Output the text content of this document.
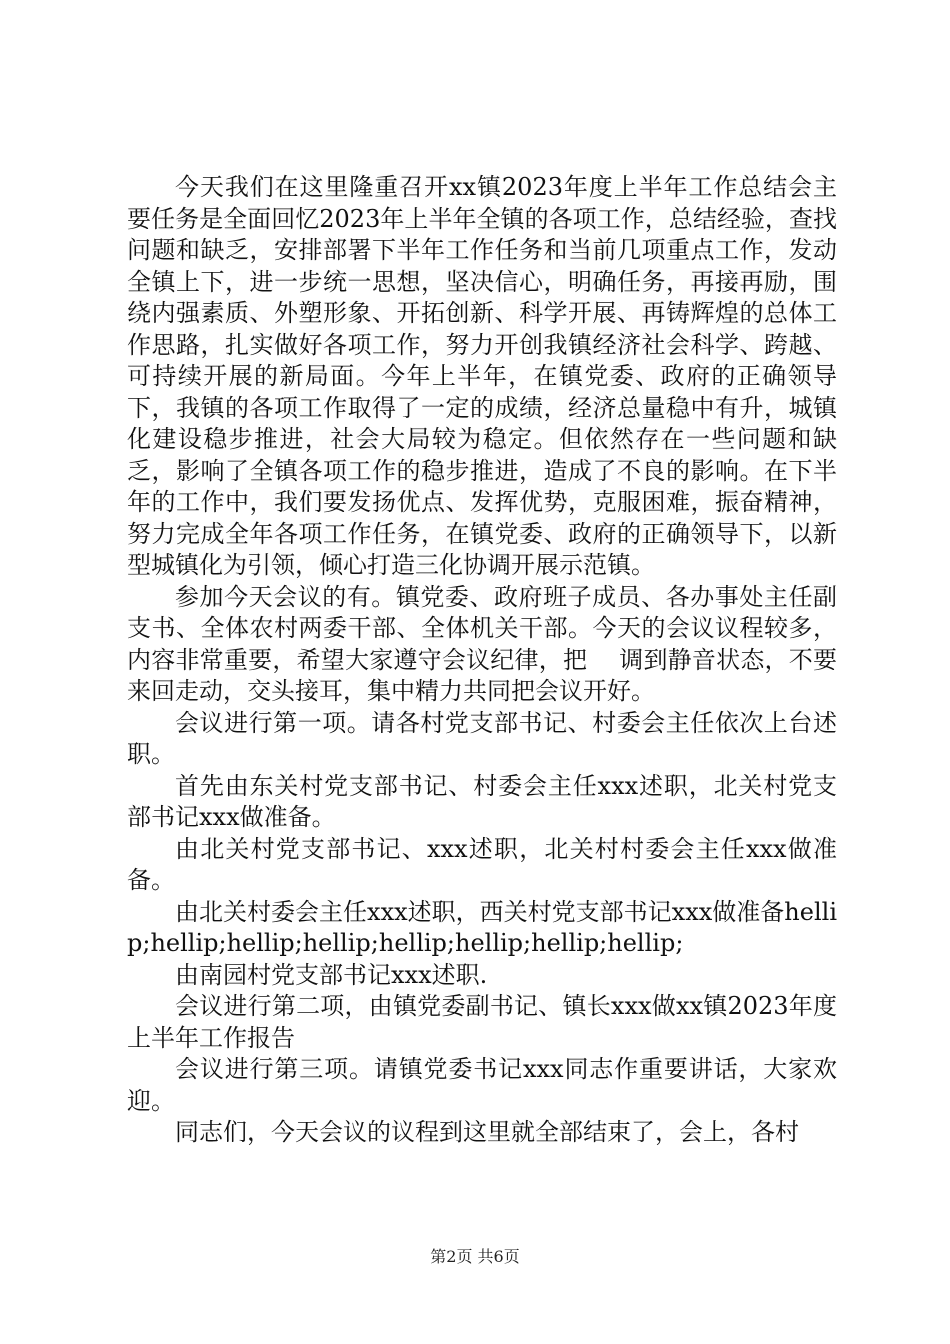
今天我们在这里隆重召开xx镇2023年度上半年工作总结会主要任务是全面回忆2023年上半年全镇的各项工作，总结经验，查找问题和缺乏，安排部署下半年工作任务和当前几项重点工作，发动全镇上下，进一步统一思想，坚决信心，明确任务，再接再励，围绕内强素质、外塑形象、开拓创新、科学开展、再铸辉煌的总体工作思路，扎实做好各项工作，努力开创我镇经济社会科学、跨越、可持续开展的新局面。今年上半年，在镇党委、政府的正确领导下，我镇的各项工作取得了一定的成绩，经济总量稳中有升，城镇化建设稳步推进，社会大局较为稳定。但依然存在一些问题和缺乏，影响了全镇各项工作的稳步推进，造成了不良的影响。在下半年的工作中，我们要发扬优点、发挥优势，克服困难，振奋精神，努力完成全年各项工作任务，在镇党委、政府的正确领导下，以新型城镇化为引领，倾心打造三化协调开展示范镇。

参加今天会议的有。镇党委、政府班子成员、各办事处主任副支书、全体农村两委干部、全体机关干部。今天的会议议程较多，内容非常重要，希望大家遵守会议纪律，把　 调到静音状态，不要来回走动，交头接耳，集中精力共同把会议开好。

会议进行第一项。请各村党支部书记、村委会主任依次上台述职。

首先由东关村党支部书记、村委会主任xxx述职，北关村党支部书记xxx做准备。

由北关村党支部书记、xxx述职，北关村村委会主任xxx做准备。

由北关村委会主任xxx述职，西关村党支部书记xxx做准备hellip;hellip;hellip;hellip;hellip;hellip;hellip;hellip;

由南园村党支部书记xxx述职.

会议进行第二项，由镇党委副书记、镇长xxx做xx镇2023年度上半年工作报告

会议进行第三项。请镇党委书记xxx同志作重要讲话，大家欢迎。

同志们，今天会议的议程到这里就全部结束了，会上，各村

第2页 共6页
